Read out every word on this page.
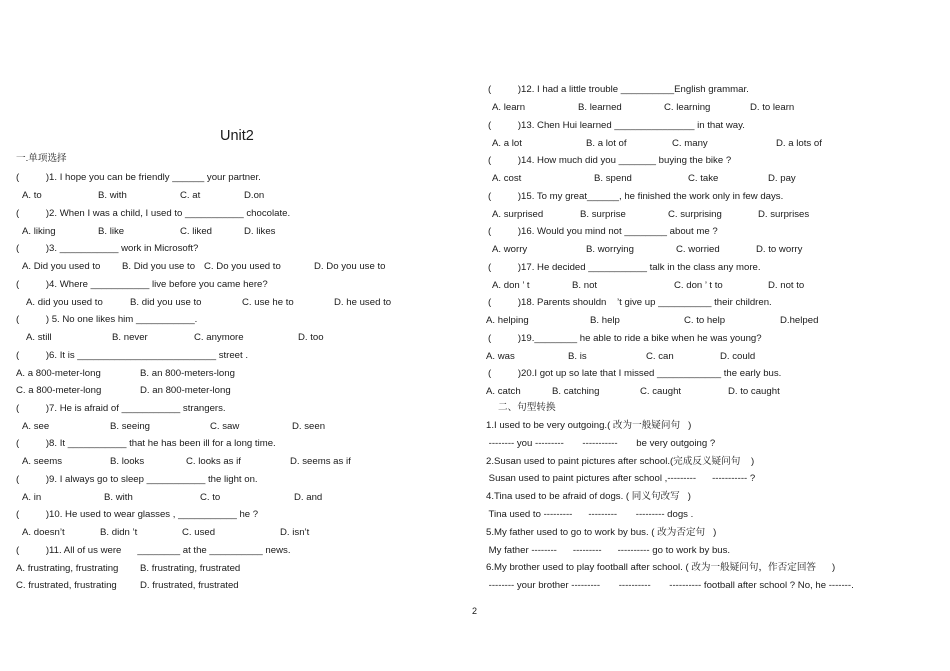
Unit2
一.单项选择
(          )1. I hope you can be friendly ______ your partner.
A. to	B. with	C. at	D.on
(          )2. When I was a child, I used to ___________ chocolate.
A. liking	B. like	C. liked	D. likes
(          )3. ___________ work in Microsoft?
A. Did you used to B. Did you use to C. Do you used to	D. Do you use to
(          )4. Where ___________ live before you came here?
A. did you used to	B. did you use to	C. use he to	D. he used to
(          ) 5. No one likes him ___________.
A. still	B. never	C. anymore	D. too
(          )6. It is __________________________ street .
A. a 800-meter-long	B. an 800-meters-long
C. a 800-meter-long	D. an 800-meter-long
(          )7. He is afraid of ___________ strangers.
A. see	B. seeing	C. saw	D. seen
(          )8. It ___________ that he has been ill for a long time.
A. seems	B. looks	C. looks as if	D. seems as if
(          )9. I always go to sleep ___________ the light on.
A. in	B. with	C. to	D. and
(          )10. He used to wear glasses , ___________ he ?
A. doesn’t	B. didn ’t	C. used	D. isn’t
(          )11. All of us were      ________ at the __________ news.
A. frustrating, frustrating B. frustrating, frustrated
C. frustrated, frustrating D. frustrated, frustrated
(          )12. I had a little trouble __________English grammar.
A. learn	B. learned	C. learning	D. to learn
(          )13. Chen Hui learned _______________ in that way.
A. a lot	B. a lot of	C. many	D. a lots of
(          )14. How much did you _______ buying the bike ?
A. cost	B. spend	C. take	D. pay
(          )15. To my great______, he finished the work only in few days.
A. surprised	B. surprise	C. surprising	D. surprises
(          )16. Would you mind not ________ about me ?
A. worry	B. worrying	C. worried	D. to worry
(          )17. He decided ___________ talk in the class any more.
A. don ’ t	B. not	C. don ’ t to	D. not to
(          )18. Parents shouldn    ’t give up __________ their children.
A. helping	B. help	C. to help	D.helped
(          )19.________ he able to ride a bike when he was young?
A. was	B. is	C. can	D. could
(          )20.I got up so late that I missed ____________ the early bus.
A. catch	B. catching	C. caught	D. to caught
二、句型转换
1.I used to be very outgoing.( 改为一般疑问句   )
-------- you ---------       -----------       be very outgoing ?
2.Susan used to paint pictures after school.(完成反义疑问句    )
Susan used to paint pictures after school ,---------      ----------- ?
4.Tina used to be afraid of dogs. ( 同义句改写   )
Tina used to ---------      ---------       --------- dogs .
5.My father used to go to work by bus. ( 改为否定句   )
My father --------      ---------      ---------- go to work by bus.
6.My brother used to play football after school. ( 改为一般疑问句，作否定回答      )
-------- your brother ---------       ----------       ---------- football after school ? No, he -------.
2
